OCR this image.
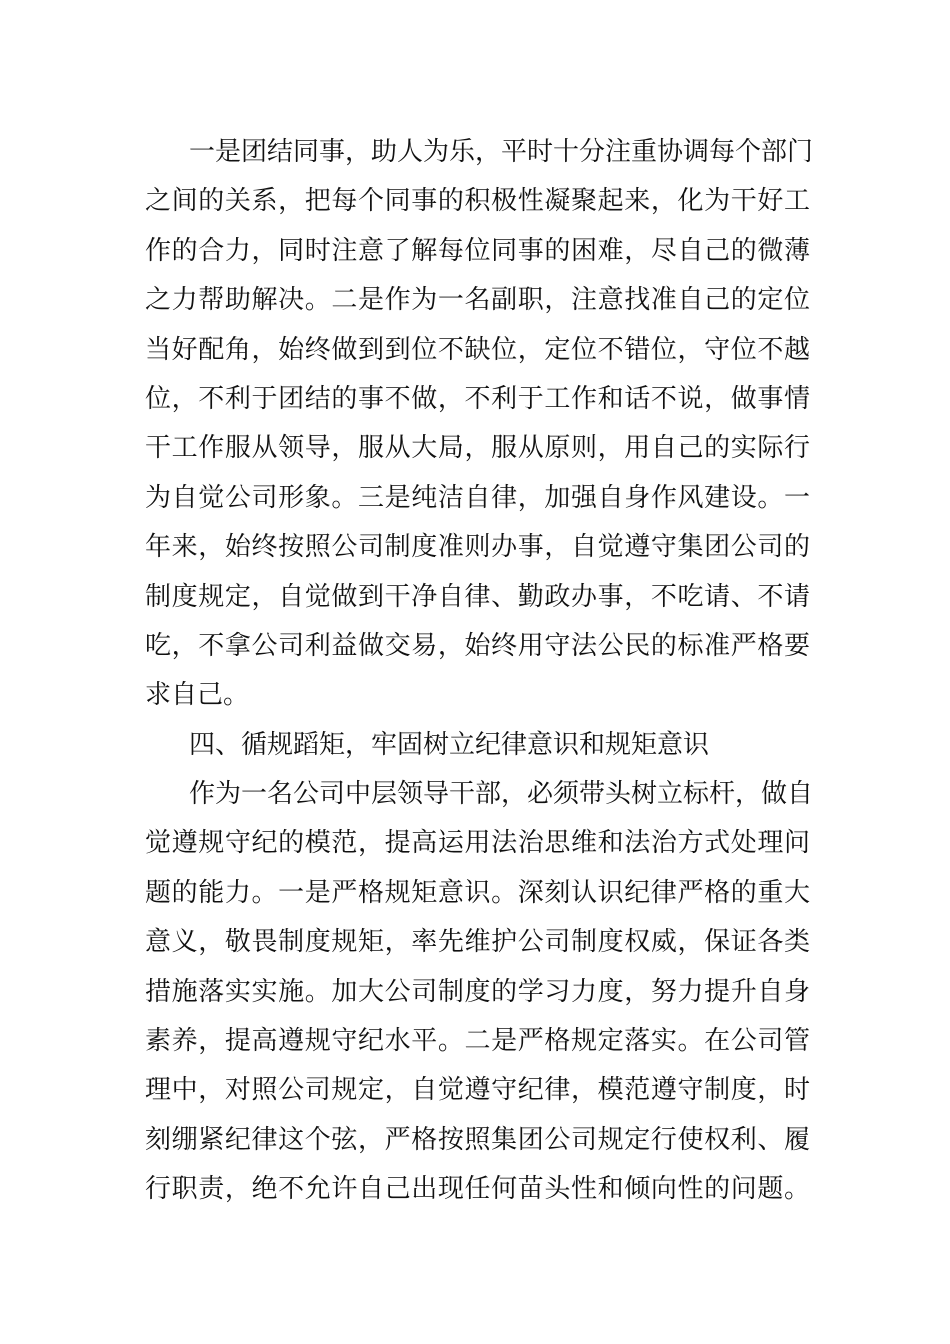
一是团结同事，助人为乐，平时十分注重协调每个部门
之间的关系，把每个同事的积极性凝聚起来，化为干好工
作的合力，同时注意了解每位同事的困难，尽自己的微薄
之力帮助解决。二是作为一名副职，注意找准自己的定位
当好配角，始终做到到位不缺位，定位不错位，守位不越
位，不利于团结的事不做，不利于工作和话不说，做事情
干工作服从领导，服从大局，服从原则，用自己的实际行
为自觉公司形象。三是纯洁自律，加强自身作风建设。一
年来，始终按照公司制度准则办事，自觉遵守集团公司的
制度规定，自觉做到干净自律、勤政办事，不吃请、不请
吃，不拿公司利益做交易，始终用守法公民的标准严格要
求自己。
四、循规蹈矩，牢固树立纪律意识和规矩意识
作为一名公司中层领导干部，必须带头树立标杆，做自
觉遵规守纪的模范，提高运用法治思维和法治方式处理问
题的能力。一是严格规矩意识。深刻认识纪律严格的重大
意义，敬畏制度规矩，率先维护公司制度权威，保证各类
措施落实实施。加大公司制度的学习力度，努力提升自身
素养，提高遵规守纪水平。二是严格规定落实。在公司管
理中，对照公司规定，自觉遵守纪律，模范遵守制度，时
刻绷紧纪律这个弦，严格按照集团公司规定行使权利、履
行职责，绝不允许自己出现任何苗头性和倾向性的问题。
